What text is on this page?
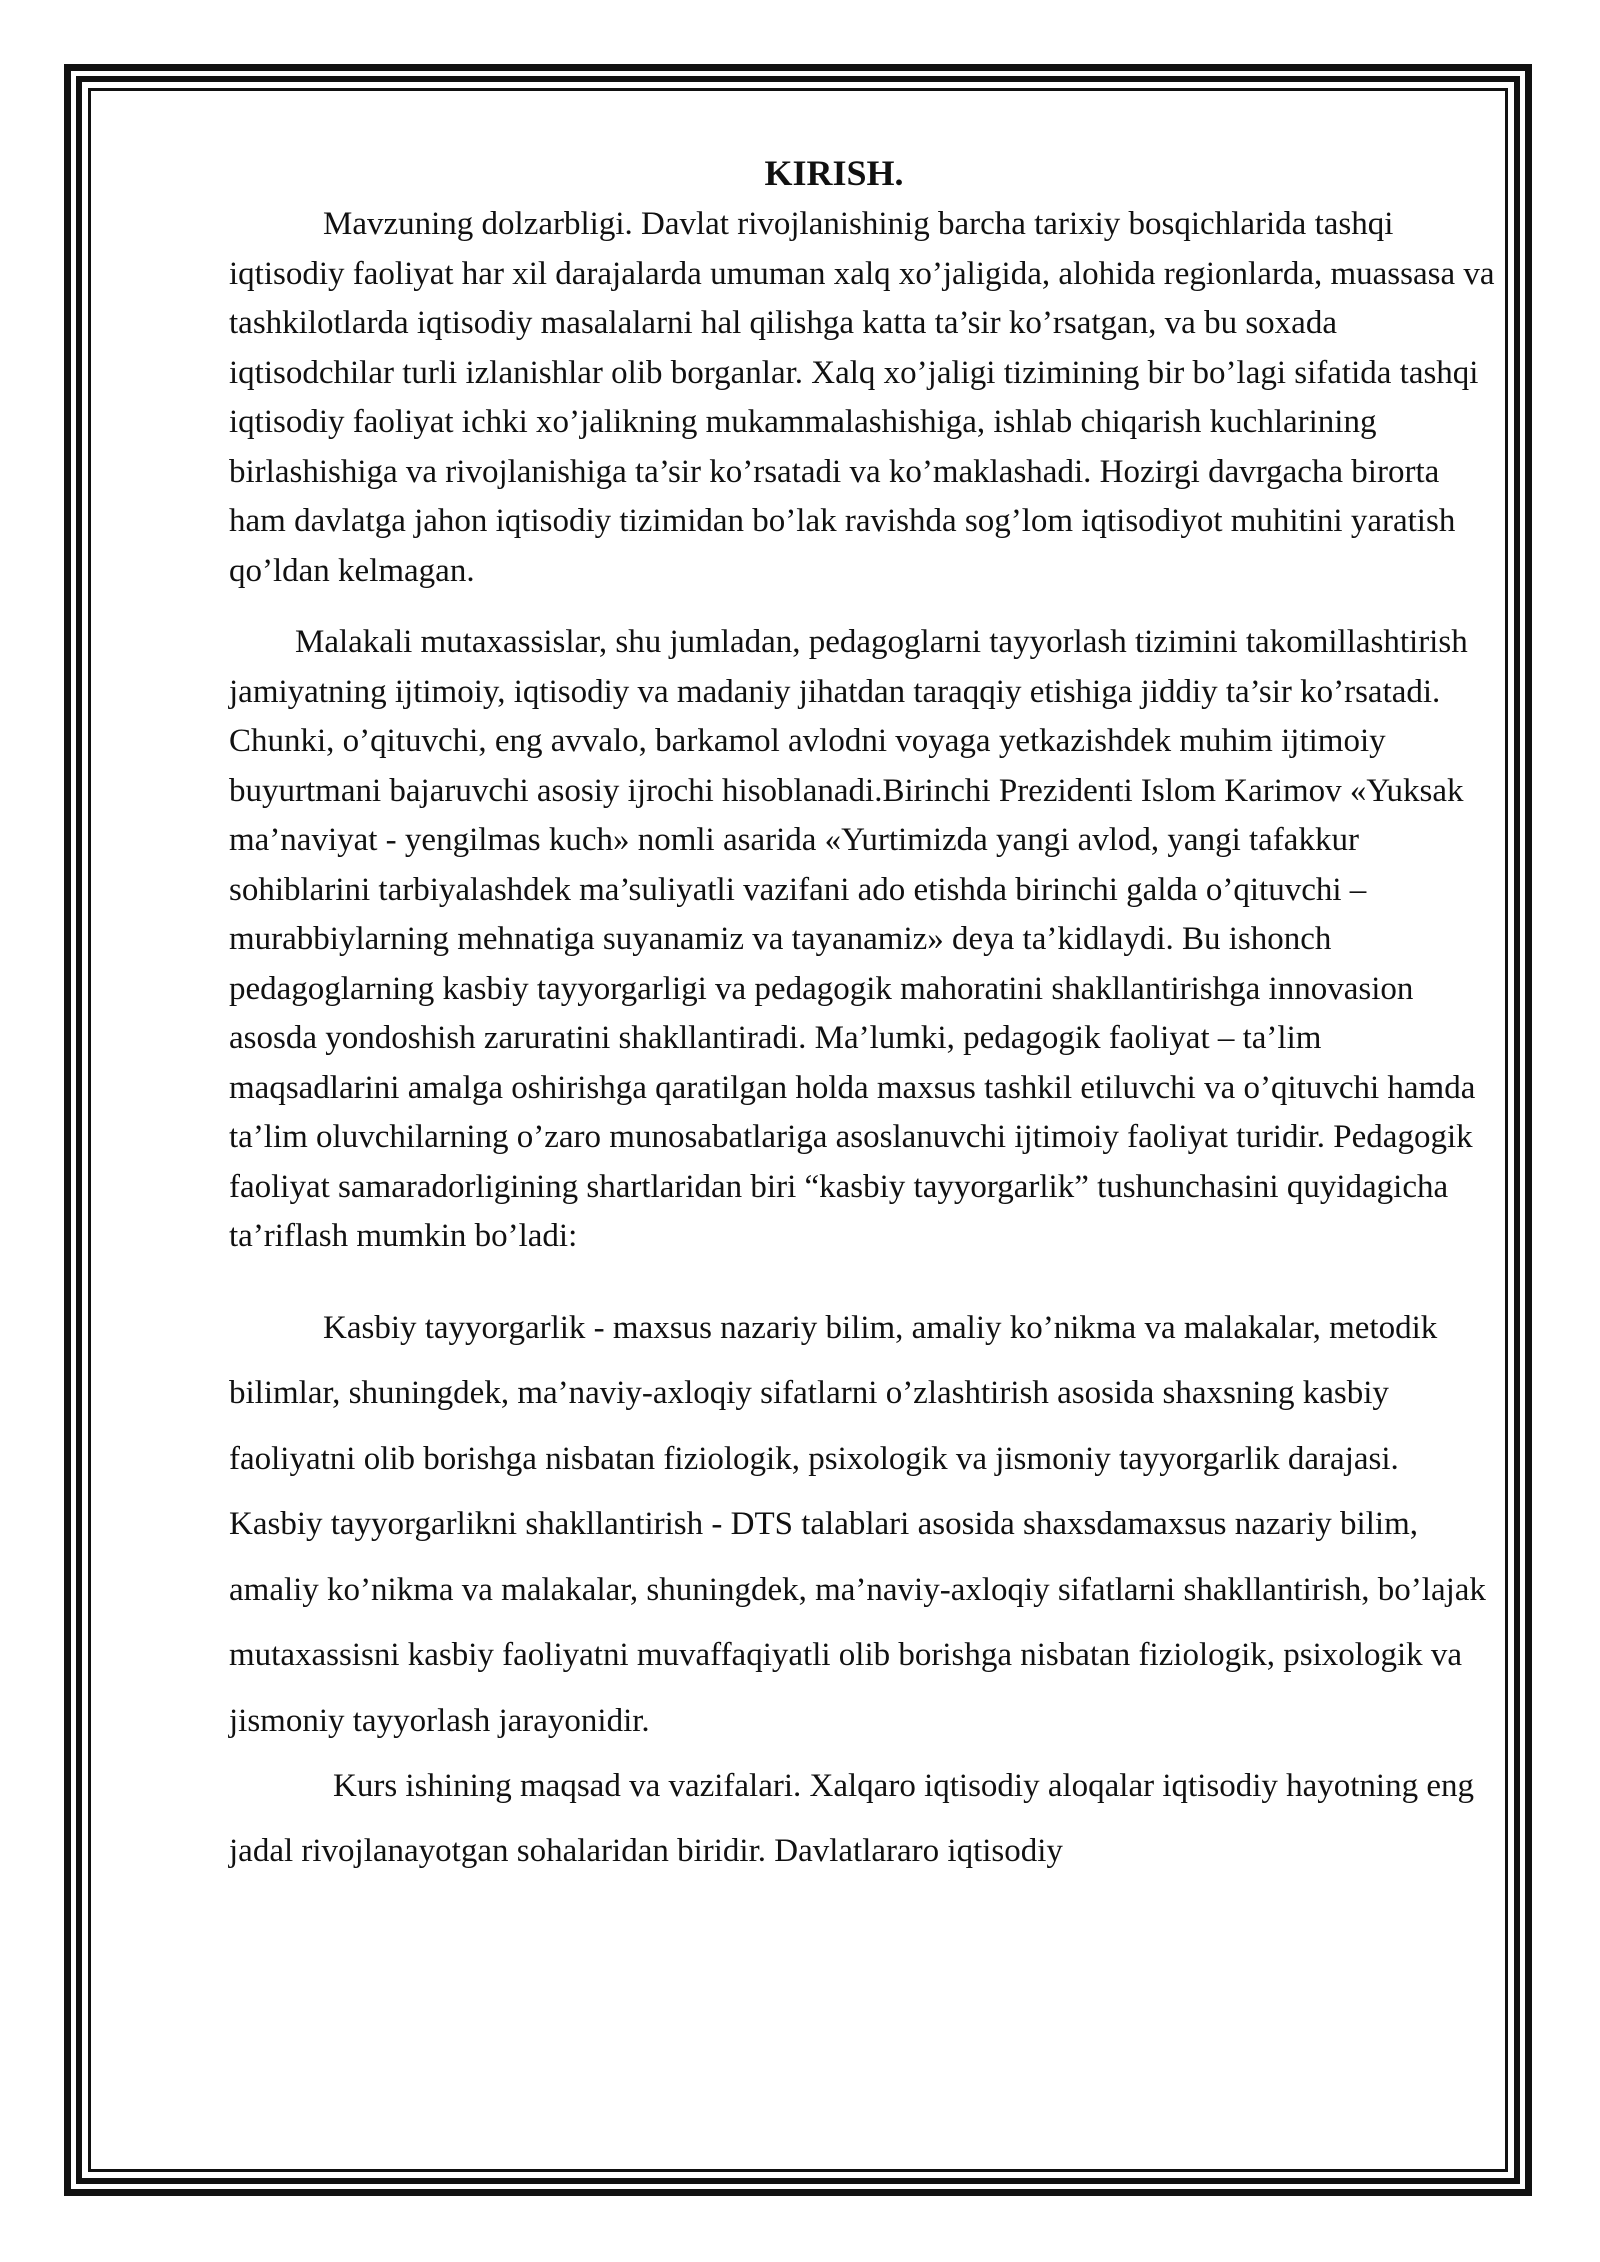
KIRISH.

Mavzuning dolzarbligi. Davlat rivojlanishinig barcha tarixiy bosqichlarida tashqi iqtisodiy faoliyat har xil darajalarda umuman xalq xo’jaligida, alohida regionlarda, muassasa va tashkilotlarda iqtisodiy masalalarni hal qilishga katta ta’sir ko’rsatgan, va bu soxada iqtisodchilar turli izlanishlar olib borganlar. Xalq xo’jaligi tizimining bir bo’lagi sifatida tashqi iqtisodiy faoliyat ichki xo’jalikning mukammalashishiga, ishlab chiqarish kuchlarining birlashishiga va rivojlanishiga ta’sir ko’rsatadi va ko’maklashadi. Hozirgi davrgacha birorta ham davlatga jahon iqtisodiy tizimidan bo’lak ravishda sog’lom iqtisodiyot muhitini yaratish qo’ldan kelmagan.

Malakali mutaxassislar, shu jumladan, pedagoglarni tayyorlash tizimini takomillashtirish jamiyatning ijtimoiy, iqtisodiy va madaniy jihatdan taraqqiy etishiga jiddiy ta’sir ko’rsatadi. Chunki, o’qituvchi, eng avvalo, barkamol avlodni voyaga yetkazishdek muhim ijtimoiy buyurtmani bajaruvchi asosiy ijrochi hisoblanadi.Birinchi Prezidenti Islom Karimov «Yuksak ma’naviyat - yengilmas kuch» nomli asarida «Yurtimizda yangi avlod, yangi tafakkur sohiblarini tarbiyalashdek ma’suliyatli vazifani ado etishda birinchi galda o’qituvchi – murabbiylarning mehnatiga suyanamiz va tayanamiz» deya ta’kidlaydi. Bu ishonch pedagoglarning kasbiy tayyorgarligi va pedagogik mahoratini shakllantirishga innovasion asosda yondoshish zaruratini shakllantiradi. Ma’lumki, pedagogik faoliyat – ta’lim maqsadlarini amalga oshirishga qaratilgan holda maxsus tashkil etiluvchi va o’qituvchi hamda ta’lim oluvchilarning o’zaro munosabatlariga asoslanuvchi ijtimoiy faoliyat turidir. Pedagogik faoliyat samaradorligining shartlaridan biri “kasbiy tayyorgarlik” tushunchasini quyidagicha ta’riflash mumkin bo’ladi:

Kasbiy tayyorgarlik - maxsus nazariy bilim, amaliy ko’nikma va malakalar, metodik bilimlar, shuningdek, ma’naviy-axloqiy sifatlarni o’zlashtirish asosida shaxsning kasbiy faoliyatni olib borishga nisbatan fiziologik, psixologik va jismoniy tayyorgarlik darajasi. Kasbiy tayyorgarlikni shakllantirish - DTS talablari asosida shaxsdamaxsus nazariy bilim, amaliy ko’nikma va malakalar, shuningdek, ma’naviy-axloqiy sifatlarni shakllantirish, bo’lajak mutaxassisni kasbiy faoliyatni muvaffaqiyatli olib borishga nisbatan fiziologik, psixologik va jismoniy tayyorlash jarayonidir.

Kurs ishining maqsad va vazifalari. Xalqaro iqtisodiy aloqalar iqtisodiy hayotning eng jadal rivojlanayotgan sohalaridan biridir. Davlatlararo iqtisodiy
